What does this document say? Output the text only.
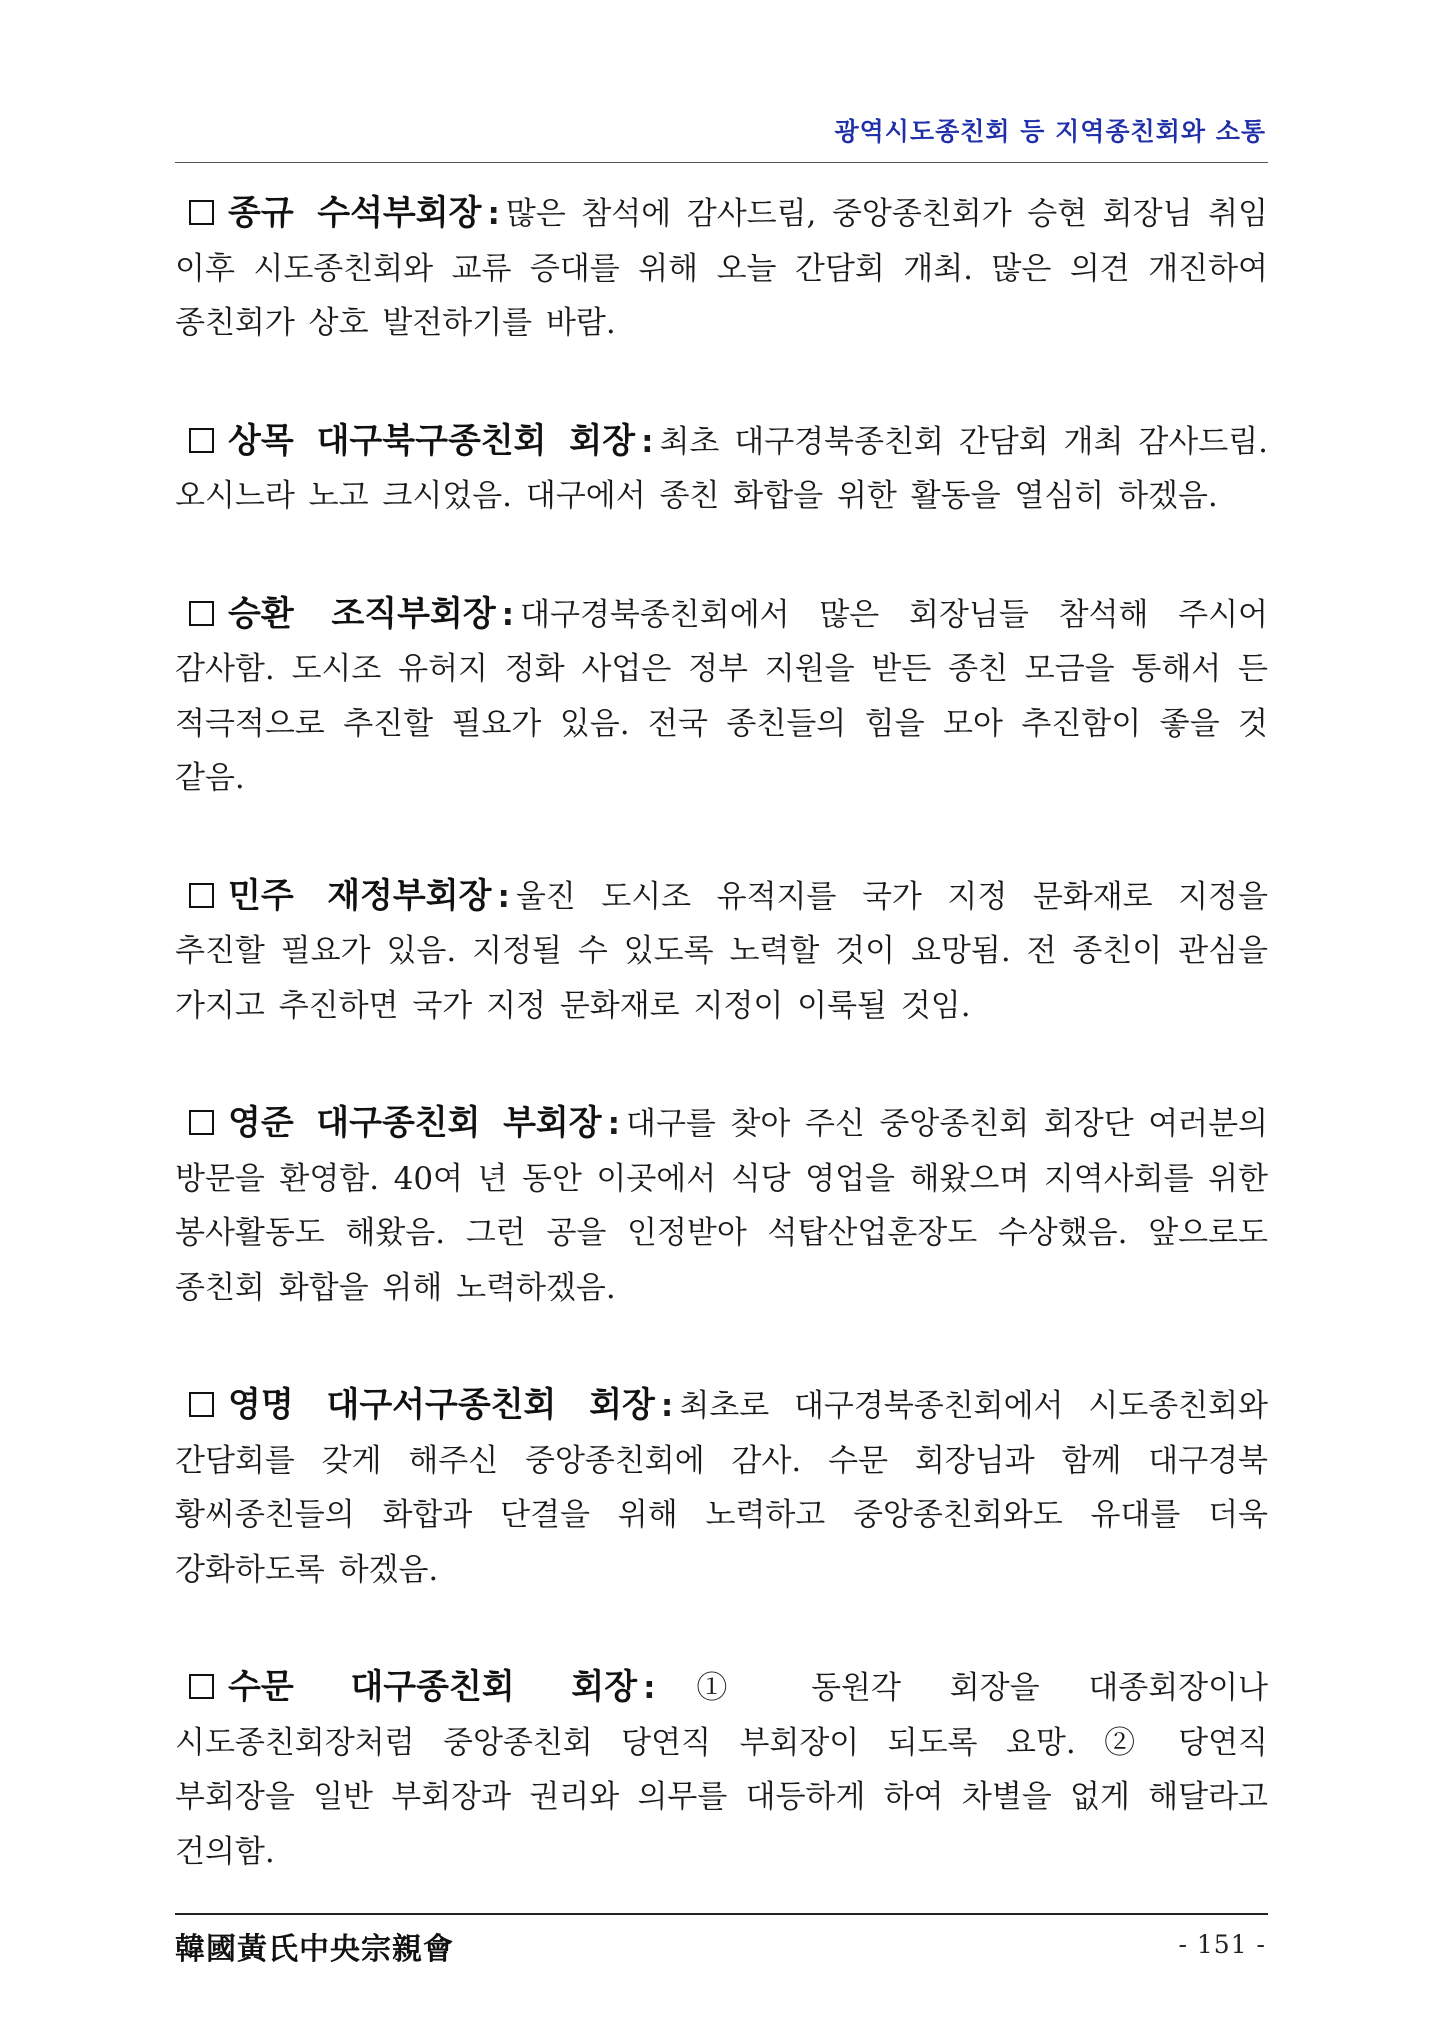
광역시도종친회 등 지역종친회와 소통

종규 수석부회장 : 많은 참석에 감사드림, 중앙종친회가 승현 회장님 취임 이후 시도종친회와 교류 증대를 위해 오늘 간담회 개최. 많은 의견 개진하여 종친회가 상호 발전하기를 바람.

상목 대구북구종친회 회장 : 최초 대구경북종친회 간담회 개최 감사드림. 오시느라 노고 크시었음. 대구에서 종친 화합을 위한 활동을 열심히 하겠음.

승환 조직부회장 : 대구경북종친회에서 많은 회장님들 참석해 주시어 감사함. 도시조 유허지 정화 사업은 정부 지원을 받든 종친 모금을 통해서 든 적극적으로 추진할 필요가 있음. 전국 종친들의 힘을 모아 추진함이 좋을 것 같음.

민주 재정부회장 : 울진 도시조 유적지를 국가 지정 문화재로 지정을 추진할 필요가 있음. 지정될 수 있도록 노력할 것이 요망됨. 전 종친이 관심을 가지고 추진하면 국가 지정 문화재로 지정이 이룩될 것임.

영준 대구종친회 부회장 : 대구를 찾아 주신 중앙종친회 회장단 여러분의 방문을 환영함. 40여 년 동안 이곳에서 식당 영업을 해왔으며 지역사회를 위한 봉사활동도 해왔음. 그런 공을 인정받아 석탑산업훈장도 수상했음. 앞으로도 종친회 화합을 위해 노력하겠음.

영명 대구서구종친회 회장 : 최초로 대구경북종친회에서 시도종친회와 간담회를 갖게 해주신 중앙종친회에 감사. 수문 회장님과 함께 대구경북 황씨종친들의 화합과 단결을 위해 노력하고 중앙종친회와도 유대를 더욱 강화하도록 하겠음.

수문 대구종친회 회장 : ① 동원각 회장을 대종회장이나 시도종친회장처럼 중앙종친회 당연직 부회장이 되도록 요망. ② 당연직 부회장을 일반 부회장과 권리와 의무를 대등하게 하여 차별을 없게 해달라고 건의함.

韓國黃氏中央宗親會	- 151 -
